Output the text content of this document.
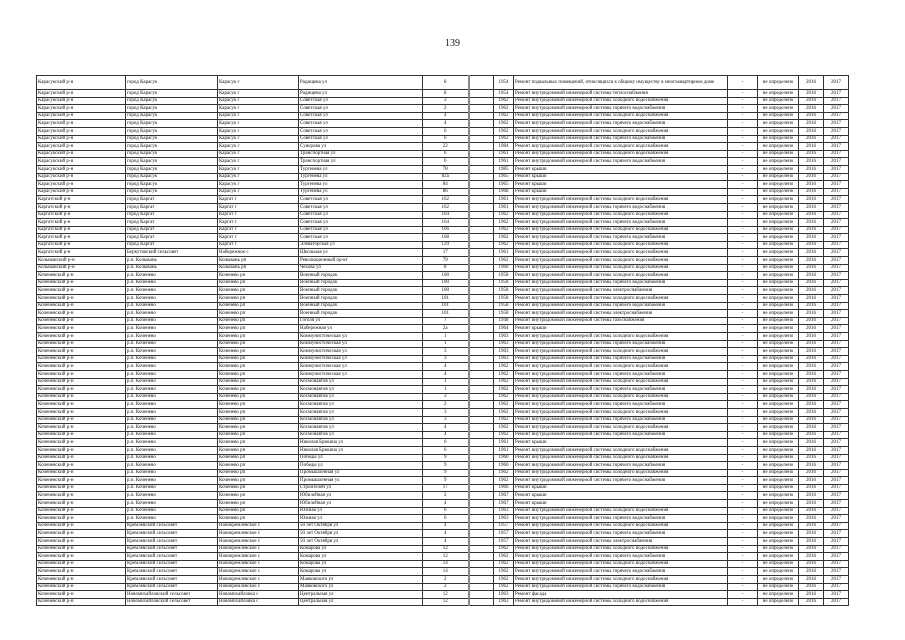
139
Карасукский р-н	город Карасук	Карасук г	Радищева ул	8		1954	Ремонт подвальных помещений, относящихся к общему имуществу в многоквартирном доме	-	не определено	2016	2017
Карасукский р-н	город Карасук	Карасук г	Радищева ул	8		1954	Ремонт внутридомовой инженерной системы теплоснабжения	-	не определено	2016	2017
Карасукский р-н	город Карасук	Карасук г	Советская ул	2		1962	Ремонт внутридомовой инженерной системы холодного водоснабжения	-	не определено	2016	2017
Карасукский р-н	город Карасук	Карасук г	Советская ул	2		1962	Ремонт внутридомовой инженерной системы горячего водоснабжения	-	не определено	2016	2017
Карасукский р-н	город Карасук	Карасук г	Советская ул	4		1962	Ремонт внутридомовой инженерной системы холодного водоснабжения	-	не определено	2016	2017
Карасукский р-н	город Карасук	Карасук г	Советская ул	4		1962	Ремонт внутридомовой инженерной системы горячего водоснабжения	-	не определено	2016	2017
Карасукский р-н	город Карасук	Карасук г	Советская ул	6		1962	Ремонт внутридомовой инженерной системы холодного водоснабжения	-	не определено	2016	2017
Карасукский р-н	город Карасук	Карасук г	Советская ул	6		1962	Ремонт внутридомовой инженерной системы горячего водоснабжения	-	не определено	2016	2017
Карасукский р-н	город Карасук	Карасук г	Суворова ул	22		1984	Ремонт внутридомовой инженерной системы холодного водоснабжения	-	не определено	2016	2017
Карасукский р-н	город Карасук	Карасук г	Транспортная ул	6		1961	Ремонт внутридомовой инженерной системы холодного водоснабжения	-	не определено	2016	2017
Карасукский р-н	город Карасук	Карасук г	Транспортная ул	6		1961	Ремонт внутридомовой инженерной системы горячего водоснабжения	-	не определено	2016	2017
Карасукский р-н	город Карасук	Карасук г	Тургенева ул	78		1985	Ремонт крыши	-	не определено	2016	2017
Карасукский р-н	город Карасук	Карасук г	Тургенева ул	82а		1965	Ремонт крыши	-	не определено	2016	2017
Карасукский р-н	город Карасук	Карасук г	Тургенева ул	84		1965	Ремонт крыши	-	не определено	2016	2017
Карасукский р-н	город Карасук	Карасук г	Тургенева ул	86		1968	Ремонт крыши	-	не определено	2016	2017
Каргатский р-н	город Каргат	Каргат г	Советская ул	162		1961	Ремонт внутридомовой инженерной системы холодного водоснабжения	-	не определено	2016	2017
Каргатский р-н	город Каргат	Каргат г	Советская ул	162		1961	Ремонт внутридомовой инженерной системы горячего водоснабжения	-	не определено	2016	2017
Каргатский р-н	город Каргат	Каргат г	Советская ул	164		1962	Ремонт внутридомовой инженерной системы холодного водоснабжения	-	не определено	2016	2017
Каргатский р-н	город Каргат	Каргат г	Советская ул	164		1962	Ремонт внутридомовой инженерной системы горячего водоснабжения	-	не определено	2016	2017
Каргатский р-н	город Каргат	Каргат г	Советская ул	166		1962	Ремонт внутридомовой инженерной системы холодного водоснабжения	-	не определено	2016	2017
Каргатский р-н	город Каргат	Каргат г	Советская ул	168		1962	Ремонт внутридомовой инженерной системы горячего водоснабжения	-	не определено	2016	2017
Каргатский р-н	город Каргат	Каргат г	Элеваторская ул	129		1962	Ремонт внутридомовой инженерной системы холодного водоснабжения	-	не определено	2016	2017
Каргатский р-н	Беркутовский сельсовет	Набережное с	Школьная ул	17		1961	Ремонт внутридомовой инженерной системы холодного водоснабжения	-	не определено	2016	2017
Колыванский р-н	р.п. Колывань	Колывань рп	Революционный пр-кт	79		1962	Ремонт внутридомовой инженерной системы холодного водоснабжения	-	не определено	2016	2017
Колыванский р-н	р.п. Колывань	Колывань рп	Чехова ул	8		1960	Ремонт внутридомовой инженерной системы холодного водоснабжения	-	не определено	2016	2017
Коченевский р-н	р.п. Коченево	Коченево рп	Военный городок	100		1958	Ремонт внутридомовой инженерной системы холодного водоснабжения	-	не определено	2016	2017
Коченевский р-н	р.п. Коченево	Коченево рп	Военный городок	100		1958	Ремонт внутридомовой инженерной системы горячего водоснабжения	-	не определено	2016	2017
Коченевский р-н	р.п. Коченево	Коченево рп	Военный городок	100		1958	Ремонт внутридомовой инженерной системы электроснабжения	-	не определено	2016	2017
Коченевский р-н	р.п. Коченево	Коченево рп	Военный городок	101		1958	Ремонт внутридомовой инженерной системы холодного водоснабжения	-	не определено	2016	2017
Коченевский р-н	р.п. Коченево	Коченево рп	Военный городок	101		1958	Ремонт внутридомовой инженерной системы горячего водоснабжения	-	не определено	2016	2017
Коченевский р-н	р.п. Коченево	Коченево рп	Военный городок	101		1958	Ремонт внутридомовой инженерной системы электроснабжения	-	не определено	2016	2017
Коченевский р-н	р.п. Коченево	Коченево рп	Гоголя ул	7		1948	Ремонт внутридомовой инженерной системы газоснабжения	-	не определено	2016	2017
Коченевский р-н	р.п. Коченево	Коченево рп	Набережная ул	2а		1964	Ремонт крыши	-	не определено	2016	2017
Коченевский р-н	р.п. Коченево	Коченево рп	Коммунистическая ул	1		1963	Ремонт внутридомовой инженерной системы холодного водоснабжения	-	не определено	2016	2017
Коченевский р-н	р.п. Коченево	Коченево рп	Коммунистическая ул	1		1963	Ремонт внутридомовой инженерной системы горячего водоснабжения	-	не определено	2016	2017
Коченевский р-н	р.п. Коченево	Коченево рп	Коммунистическая ул	3		1963	Ремонт внутридомовой инженерной системы холодного водоснабжения	-	не определено	2016	2017
Коченевский р-н	р.п. Коченево	Коченево рп	Коммунистическая ул	3		1963	Ремонт внутридомовой инженерной системы горячего водоснабжения	-	не определено	2016	2017
Коченевский р-н	р.п. Коченево	Коченево рп	Коммунистическая ул	4		1962	Ремонт внутридомовой инженерной системы холодного водоснабжения	-	не определено	2016	2017
Коченевский р-н	р.п. Коченево	Коченево рп	Коммунистическая ул	4		1962	Ремонт внутридомовой инженерной системы горячего водоснабжения	-	не определено	2016	2017
Коченевский р-н	р.п. Коченево	Коченево рп	Космонавтов ул	1		1962	Ремонт внутридомовой инженерной системы холодного водоснабжения	-	не определено	2016	2017
Коченевский р-н	р.п. Коченево	Коченево рп	Космонавтов ул	1		1962	Ремонт внутридомовой инженерной системы горячего водоснабжения	-	не определено	2016	2017
Коченевский р-н	р.п. Коченево	Коченево рп	Космонавтов ул	2		1962	Ремонт внутридомовой инженерной системы холодного водоснабжения	-	не определено	2016	2017
Коченевский р-н	р.п. Коченево	Коченево рп	Космонавтов ул	2		1962	Ремонт внутридомовой инженерной системы горячего водоснабжения	-	не определено	2016	2017
Коченевский р-н	р.п. Коченево	Коченево рп	Космонавтов ул	3		1962	Ремонт внутридомовой инженерной системы холодного водоснабжения	-	не определено	2016	2017
Коченевский р-н	р.п. Коченево	Коченево рп	Космонавтов ул	3		1962	Ремонт внутридомовой инженерной системы горячего водоснабжения	-	не определено	2016	2017
Коченевский р-н	р.п. Коченево	Коченево рп	Космонавтов ул	4		1962	Ремонт внутридомовой инженерной системы холодного водоснабжения	-	не определено	2016	2017
Коченевский р-н	р.п. Коченево	Коченево рп	Космонавтов ул	4		1962	Ремонт внутридомовой инженерной системы горячего водоснабжения	-	не определено	2016	2017
Коченевский р-н	р.п. Коченево	Коченево рп	Николая Брюшна ул	6		1961	Ремонт крыши	-	не определено	2016	2017
Коченевский р-н	р.п. Коченево	Коченево рп	Николая Брюшна ул	6		1961	Ремонт внутридомовой инженерной системы холодного водоснабжения	-	не определено	2016	2017
Коченевский р-н	р.п. Коченево	Коченево рп	Победы ул	9		1960	Ремонт внутридомовой инженерной системы холодного водоснабжения	-	не определено	2016	2017
Коченевский р-н	р.п. Коченево	Коченево рп	Победы ул	9		1960	Ремонт внутридомовой инженерной системы горячего водоснабжения	-	не определено	2016	2017
Коченевский р-н	р.п. Коченево	Коченево рп	Промышленная ул	9		1962	Ремонт внутридомовой инженерной системы холодного водоснабжения	-	не определено	2016	2017
Коченевский р-н	р.п. Коченево	Коченево рп	Промышленная ул	9		1962	Ремонт внутридомовой инженерной системы горячего водоснабжения	-	не определено	2016	2017
Коченевский р-н	р.п. Коченево	Коченево рп	Строителей ул	17		1966	Ремонт крыши	-	не определено	2016	2017
Коченевский р-н	р.п. Коченево	Коченево рп	Юбилейная ул	2		1967	Ремонт крыши	-	не определено	2016	2017
Коченевский р-н	р.п. Коченево	Коченево рп	Юбилейная ул	4		1967	Ремонт крыши	-	не определено	2016	2017
Коченевский р-н	р.п. Коченево	Коченево рп	Южная ул	6		1963	Ремонт внутридомовой инженерной системы холодного водоснабжения	-	не определено	2016	2017
Коченевский р-н	р.п. Коченево	Коченево рп	Южная ул	6		1963	Ремонт внутридомовой инженерной системы горячего водоснабжения	-	не определено	2016	2017
Коченевский р-н	Кремлевский сельсовет	Новокремлевское с	50 лет Октября ул	4		1957	Ремонт внутридомовой инженерной системы холодного водоснабжения	-	не определено	2016	2017
Коченевский р-н	Кремлевский сельсовет	Новокремлевское с	50 лет Октября ул	4		1957	Ремонт внутридомовой инженерной системы горячего водоснабжения	-	не определено	2016	2017
Коченевский р-н	Кремлевский сельсовет	Новокремлевское с	50 лет Октября ул	4		1957	Ремонт внутридомовой инженерной системы электроснабжения	-	не определено	2016	2017
Коченевский р-н	Кремлевский сельсовет	Новокремлевское с	Комарова ул	12		1962	Ремонт внутридомовой инженерной системы холодного водоснабжения	-	не определено	2016	2017
Коченевский р-н	Кремлевский сельсовет	Новокремлевское с	Комарова ул	12		1962	Ремонт внутридомовой инженерной системы горячего водоснабжения	-	не определено	2016	2017
Коченевский р-н	Кремлевский сельсовет	Новокремлевское с	Комарова ул	14		1962	Ремонт внутридомовой инженерной системы холодного водоснабжения	-	не определено	2016	2017
Коченевский р-н	Кремлевский сельсовет	Новокремлевское с	Комарова ул	14		1962	Ремонт внутридомовой инженерной системы горячего водоснабжения	-	не определено	2016	2017
Коченевский р-н	Кремлевский сельсовет	Новокремлевское с	Маяковского ул	2		1962	Ремонт внутридомовой инженерной системы холодного водоснабжения	-	не определено	2016	2017
Коченевский р-н	Кремлевский сельсовет	Новокремлевское с	Маяковского ул	2		1962	Ремонт внутридомовой инженерной системы горячего водоснабжения	-	не определено	2016	2017
Коченевский р-н	Новомихайловский сельсовет	Новомихайловка с	Центральная ул	12		1963	Ремонт фасада	-	не определено	2016	2017
Коченевский р-н	Новомихайловский сельсовет	Новомихайловка с	Центральная ул	12		1963	Ремонт внутридомовой инженерной системы холодного водоснабжения	-	не определено	2016	2017
